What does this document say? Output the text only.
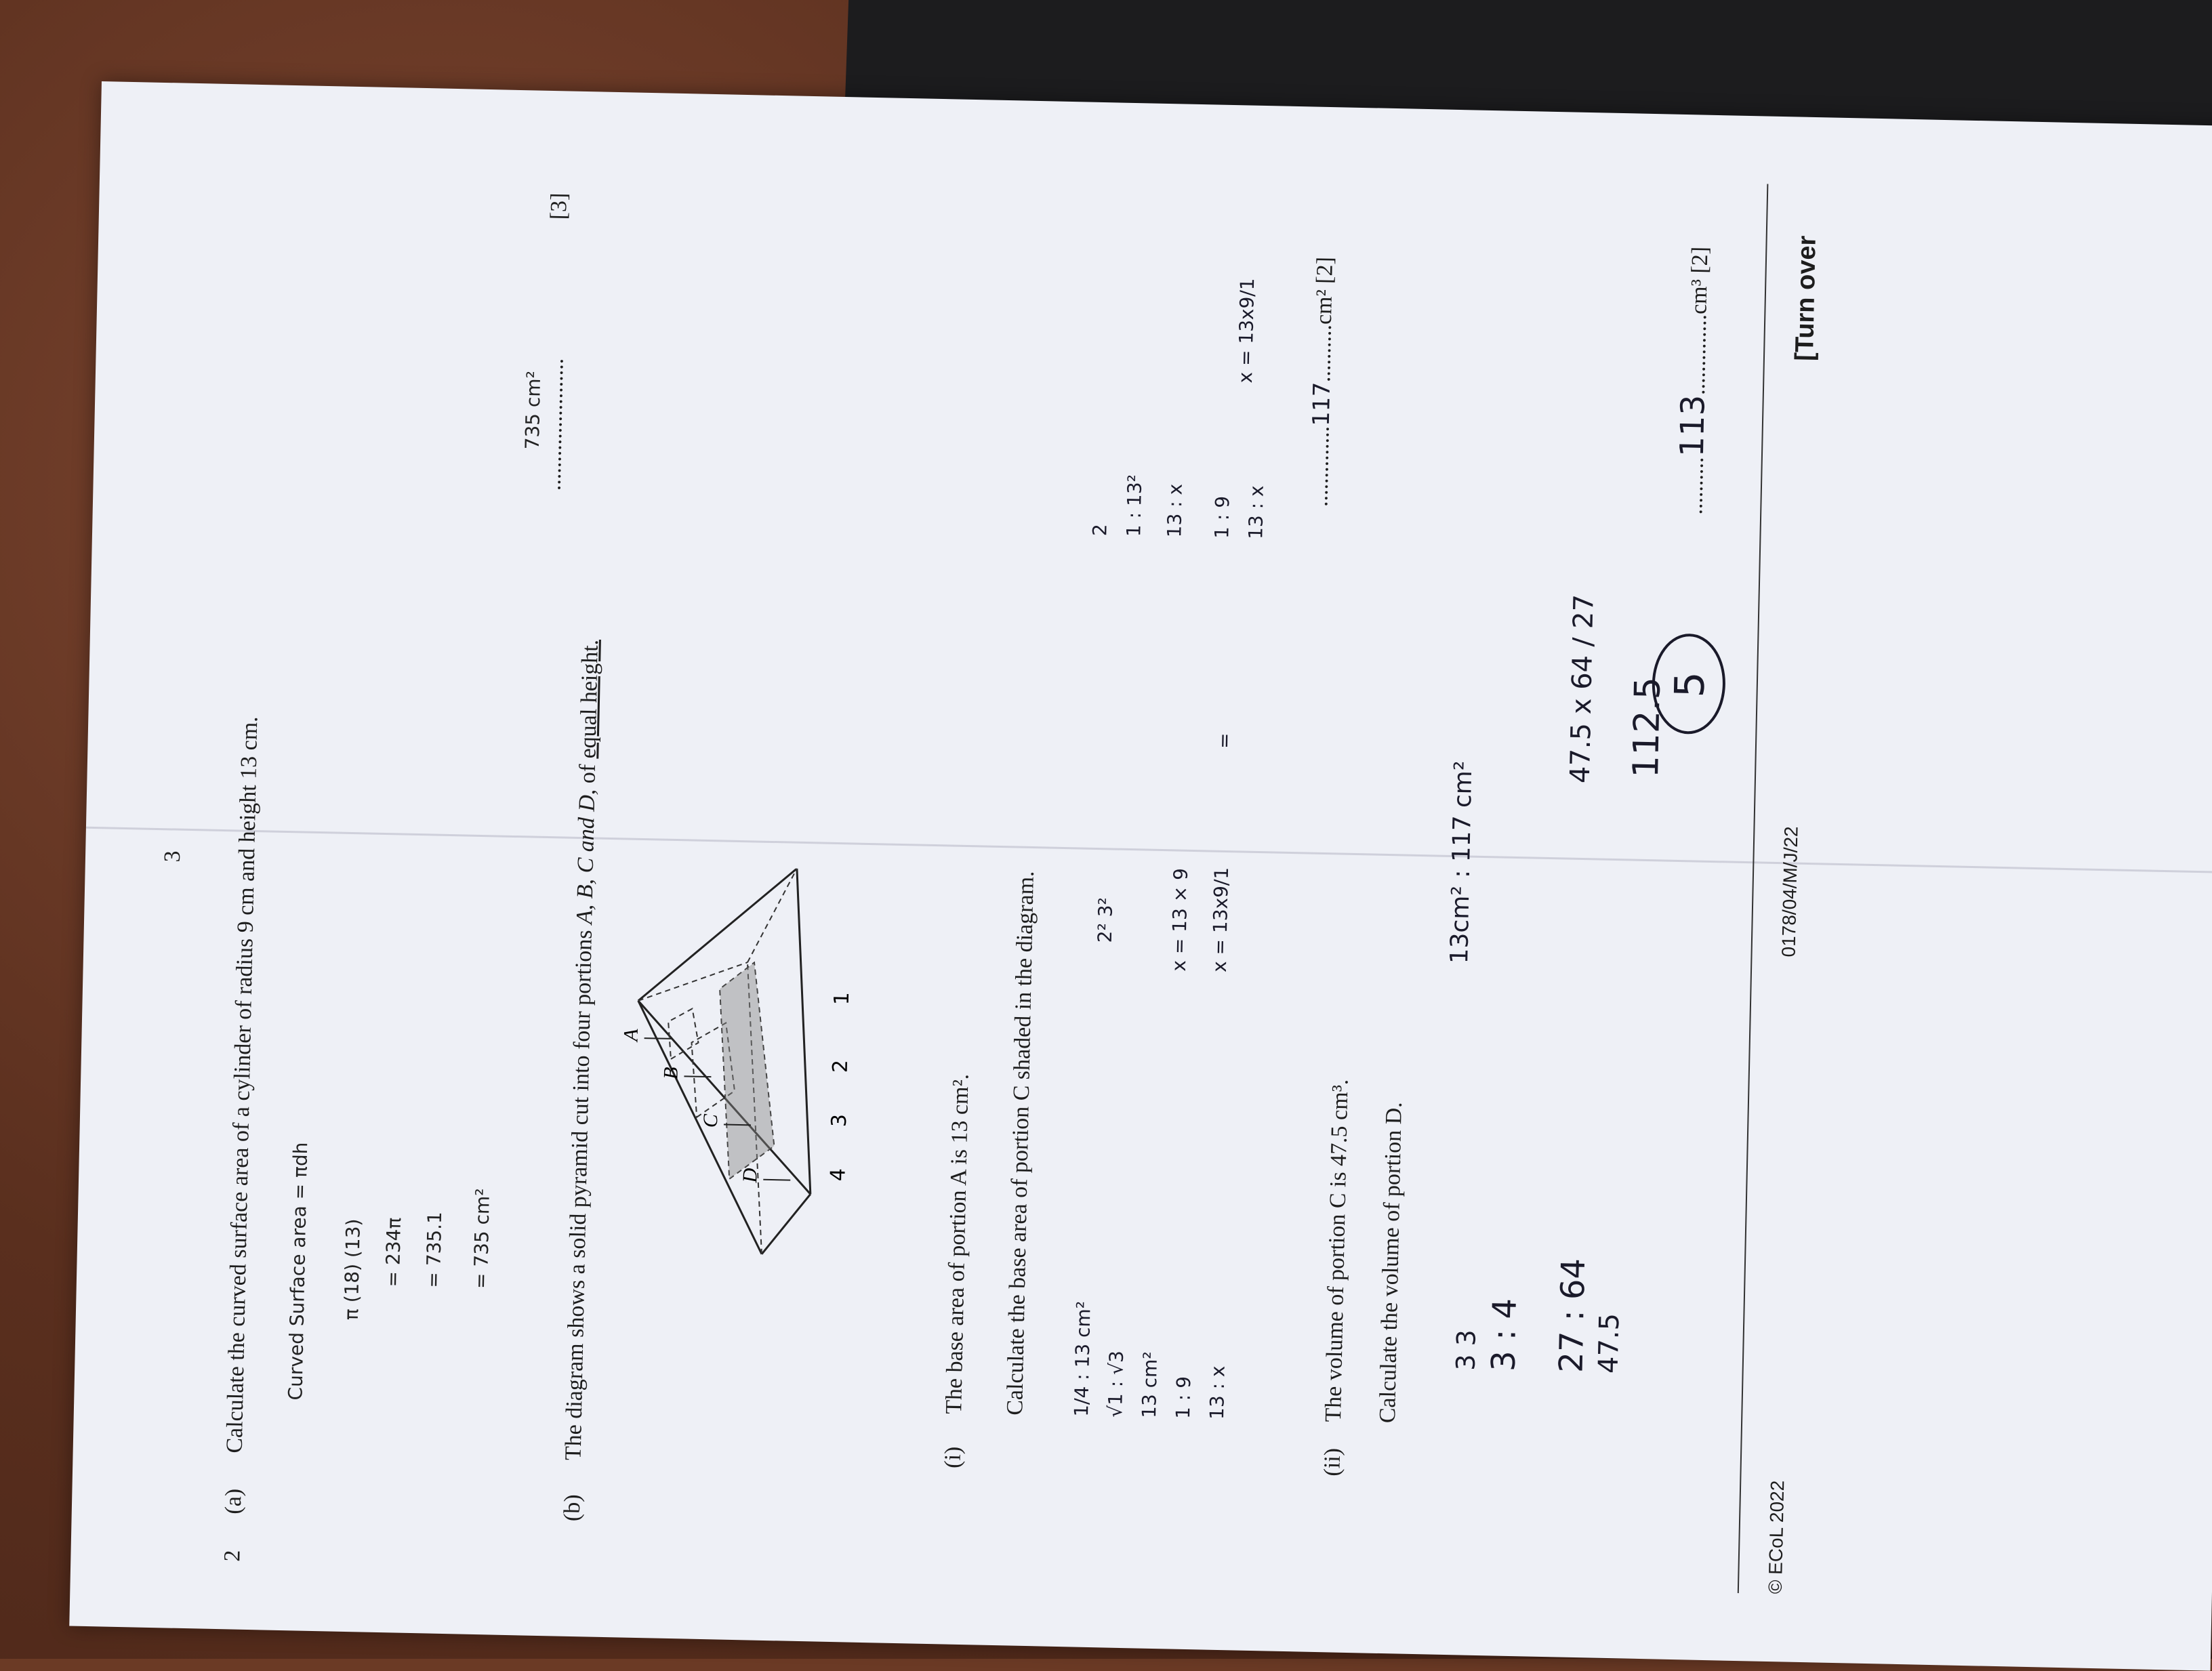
3
2
(a)
Calculate the curved surface area of a cylinder of radius 9 cm and height 13 cm. Curved Surface area = πdh π (18) (13) = 234π = 735.1 = 735 cm²
.......................
735 cm²
[3]
(b)
The diagram shows a solid pyramid cut into four portions A, B, C and D, of equal height.
A
B
C
D
1
2
3
4
(i)
The base area of portion A is 13 cm². Calculate the base area of portion C shaded in the diagram. 1/4 : 13 cm² √1 : √3 13 cm² 1 : 9 13 : x
2² 3²	x = 13 × 9 x = 13x9/1
=
2 1 : 13² 13 : x 1 : 9 13 : x
x = 13x9/1
..............117..........cm² [2]
(ii)
The volume of portion C is 47.5 cm³. Calculate the volume of portion D. 3 3 3 : 4 27 : 64 47.5
13cm² : 117 cm²
47.5 x 64 / 27 112.5
..........113..............cm³ [2]
5
© ECoL 2022
0178/04/M/J/22
[Turn over
